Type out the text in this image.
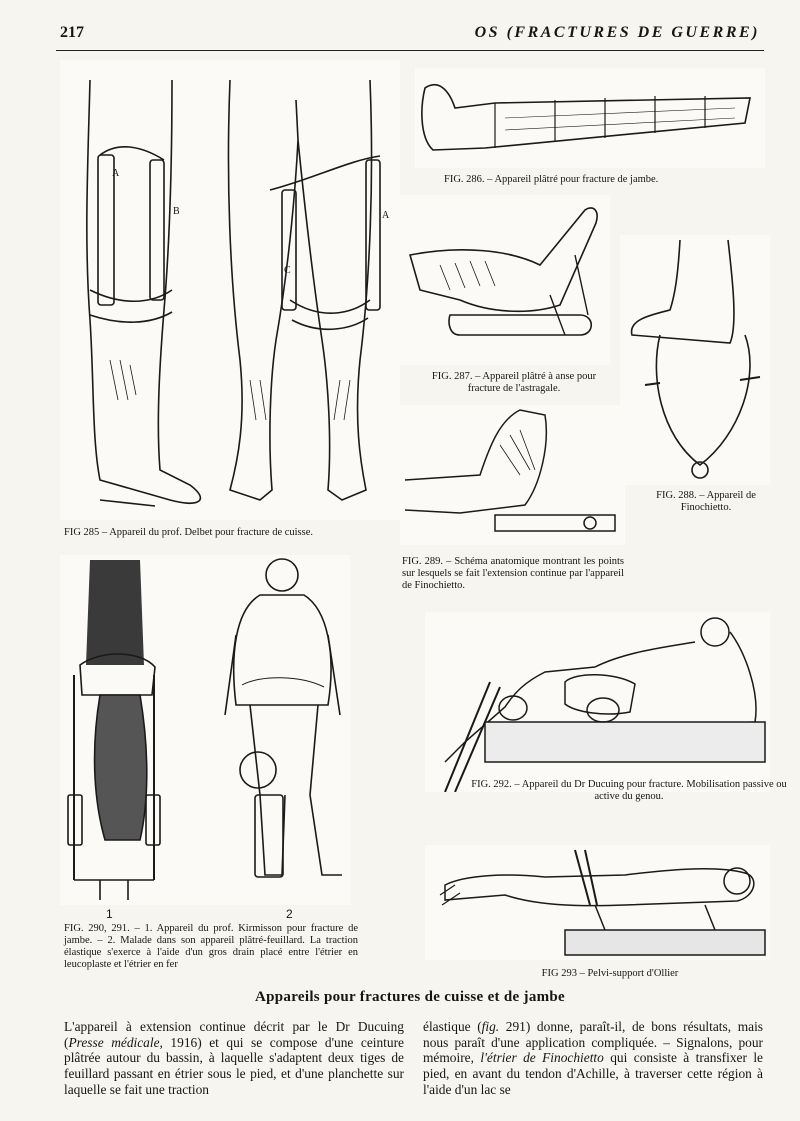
217	OS (FRACTURES DE GUERRE)
A
B	A
C
FIG 285 – Appareil du prof. Delbet pour fracture de cuisse.
FIG. 286. – Appareil plâtré pour fracture de jambe.
FIG. 287. – Appareil plâtré à anse pour fracture de l'astragale.
FIG. 288. – Appareil de Finochietto.
FIG. 289. – Schéma anatomique montrant les points sur lesquels se fait l'extension continue par l'appareil de Finochietto.
1	2
FIG. 290, 291. – 1. Appareil du prof. Kirmisson pour fracture de jambe. – 2. Malade dans son appareil plâtré-feuillard. La traction élastique s'exerce à l'aide d'un gros drain placé entre l'étrier en leucoplaste et l'étrier en fer
FIG. 292. – Appareil du Dr Ducuing pour fracture. Mobilisation passive ou active du genou.
FIG 293 – Pelvi-support d'Ollier
Appareils pour fractures de cuisse et de jambe

L'appareil à extension continue décrit par le Dr Ducuing (Presse médicale, 1916) et qui se compose d'une ceinture plâtrée autour du bassin, à laquelle s'adaptent deux tiges de feuillard passant en étrier sous le pied, et d'une planchette sur laquelle se fait une traction

élastique (fig. 291) donne, paraît-il, de bons résultats, mais nous paraît d'une application compliquée. – Signalons, pour mémoire, l'étrier de Finochietto qui consiste à transfixer le pied, en avant du tendon d'Achille, à traverser cette région à l'aide d'un lac se
